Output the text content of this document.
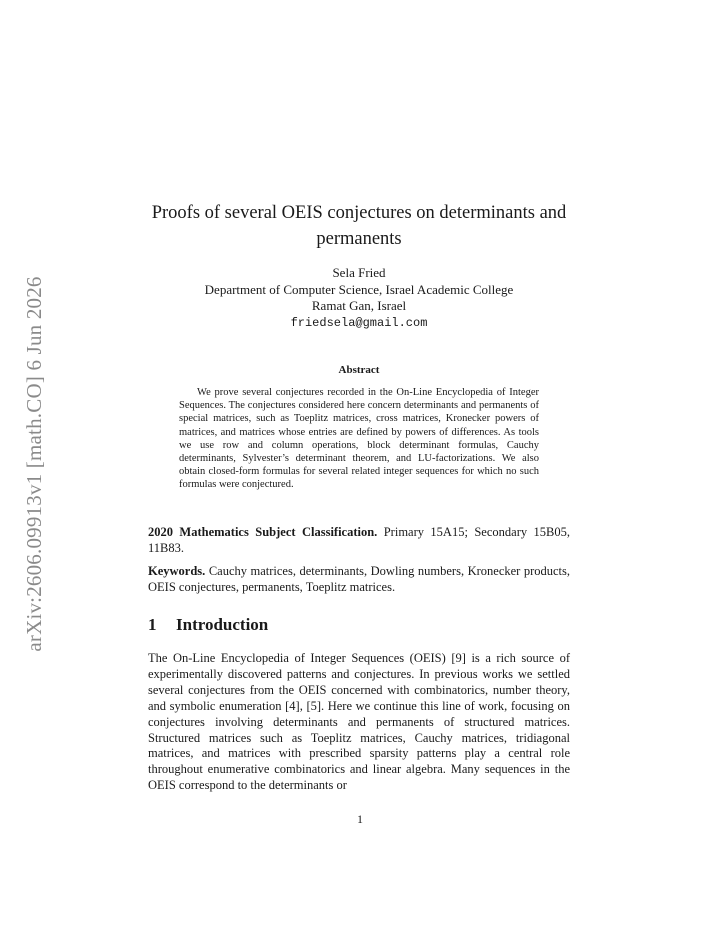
arXiv:2606.09913v1 [math.CO] 6 Jun 2026
Proofs of several OEIS conjectures on determinants and permanents
Sela Fried
Department of Computer Science, Israel Academic College
Ramat Gan, Israel
friedsela@gmail.com
Abstract
We prove several conjectures recorded in the On-Line Encyclopedia of Integer Sequences. The conjectures considered here concern determinants and permanents of special matrices, such as Toeplitz matrices, cross matrices, Kronecker powers of matrices, and matrices whose entries are defined by powers of differences. As tools we use row and column operations, block determinant formulas, Cauchy determinants, Sylvester’s determinant theorem, and LU-factorizations. We also obtain closed-form formulas for several related integer sequences for which no such formulas were conjectured.
2020 Mathematics Subject Classification. Primary 15A15; Secondary 15B05, 11B83.
Keywords. Cauchy matrices, determinants, Dowling numbers, Kronecker products, OEIS conjectures, permanents, Toeplitz matrices.
1 Introduction
The On-Line Encyclopedia of Integer Sequences (OEIS) [9] is a rich source of experimentally discovered patterns and conjectures. In previous works we settled several conjectures from the OEIS concerned with combinatorics, number theory, and symbolic enumeration [4], [5]. Here we continue this line of work, focusing on conjectures involving determinants and permanents of structured matrices. Structured matrices such as Toeplitz matrices, Cauchy matrices, tridiagonal matrices, and matrices with prescribed sparsity patterns play a central role throughout enumerative combinatorics and linear algebra. Many sequences in the OEIS correspond to the determinants or
1
